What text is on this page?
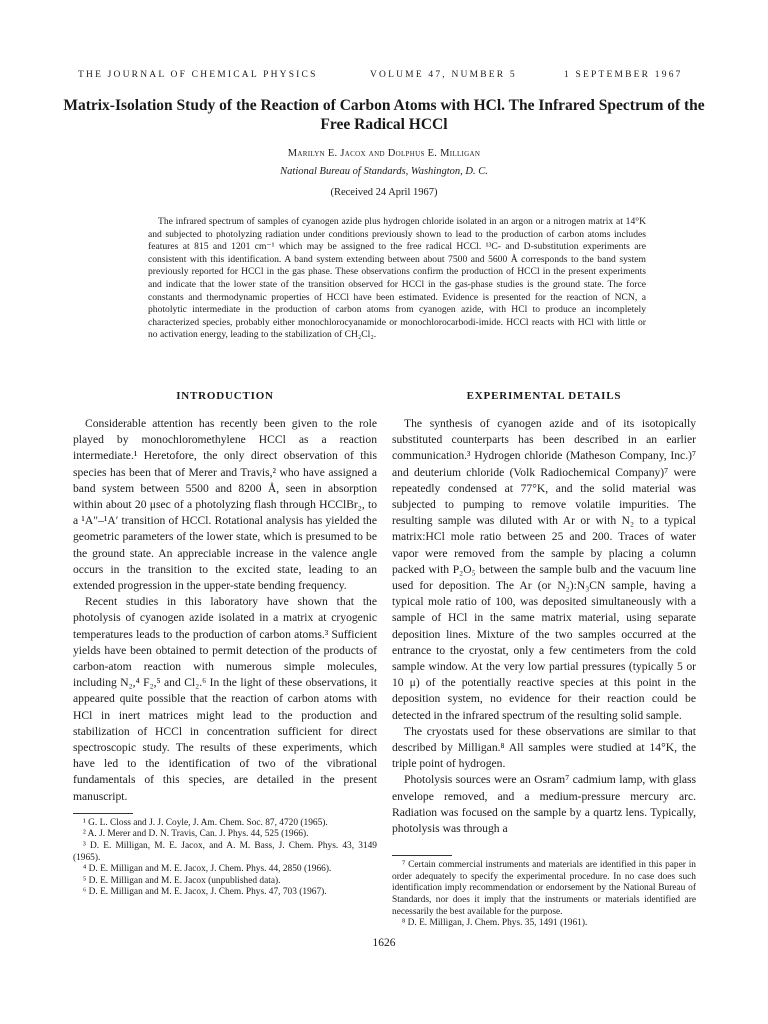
THE JOURNAL OF CHEMICAL PHYSICS	VOLUME 47, NUMBER 5	1 SEPTEMBER 1967
Matrix-Isolation Study of the Reaction of Carbon Atoms with HCl. The Infrared Spectrum of the Free Radical HCCl
Marilyn E. Jacox and Dolphus E. Milligan
National Bureau of Standards, Washington, D. C.
(Received 24 April 1967)
The infrared spectrum of samples of cyanogen azide plus hydrogen chloride isolated in an argon or a nitrogen matrix at 14°K and subjected to photolyzing radiation under conditions previously shown to lead to the production of carbon atoms includes features at 815 and 1201 cm⁻¹ which may be assigned to the free radical HCCl. ¹³C- and D-substitution experiments are consistent with this identification. A band system extending between about 7500 and 5600 Å corresponds to the band system previously reported for HCCl in the gas phase. These observations confirm the production of HCCl in the present experiments and indicate that the lower state of the transition observed for HCCl in the gas-phase studies is the ground state. The force constants and thermodynamic properties of HCCl have been estimated. Evidence is presented for the reaction of NCN, a photolytic intermediate in the production of carbon atoms from cyanogen azide, with HCl to produce an incompletely characterized species, probably either monochlorocyanamide or monochlorocarbodi-imide. HCCl reacts with HCl with little or no activation energy, leading to the stabilization of CH₂Cl₂.
INTRODUCTION

Considerable attention has recently been given to the role played by monochloromethylene HCCl as a reaction intermediate.¹ Heretofore, the only direct observation of this species has been that of Merer and Travis,² who have assigned a band system between 5500 and 8200 Å, seen in absorption within about 20 μsec of a photolyzing flash through HCClBr₂, to a ¹A″–¹A′ transition of HCCl. Rotational analysis has yielded the geometric parameters of the lower state, which is presumed to be the ground state. An appreciable increase in the valence angle occurs in the transition to the excited state, leading to an extended progression in the upper-state bending frequency.

Recent studies in this laboratory have shown that the photolysis of cyanogen azide isolated in a matrix at cryogenic temperatures leads to the production of carbon atoms.³ Sufficient yields have been obtained to permit detection of the products of carbon-atom reaction with numerous simple molecules, including N₂,⁴ F₂,⁵ and Cl₂.⁶ In the light of these observations, it appeared quite possible that the reaction of carbon atoms with HCl in inert matrices might lead to the production and stabilization of HCCl in concentration sufficient for direct spectroscopic study. The results of these experiments, which have led to the identification of two of the vibrational fundamentals of this species, are detailed in the present manuscript.

¹ G. L. Closs and J. J. Coyle, J. Am. Chem. Soc. 87, 4720 (1965).

² A. J. Merer and D. N. Travis, Can. J. Phys. 44, 525 (1966).

³ D. E. Milligan, M. E. Jacox, and A. M. Bass, J. Chem. Phys. 43, 3149 (1965).

⁴ D. E. Milligan and M. E. Jacox, J. Chem. Phys. 44, 2850 (1966).

⁵ D. E. Milligan and M. E. Jacox (unpublished data).

⁶ D. E. Milligan and M. E. Jacox, J. Chem. Phys. 47, 703 (1967).

EXPERIMENTAL DETAILS

The synthesis of cyanogen azide and of its isotopically substituted counterparts has been described in an earlier communication.³ Hydrogen chloride (Matheson Company, Inc.)⁷ and deuterium chloride (Volk Radiochemical Company)⁷ were repeatedly condensed at 77°K, and the solid material was subjected to pumping to remove volatile impurities. The resulting sample was diluted with Ar or with N₂ to a typical matrix:HCl mole ratio between 25 and 200. Traces of water vapor were removed from the sample by placing a column packed with P₂O₅ between the sample bulb and the vacuum line used for deposition. The Ar (or N₂):N₃CN sample, having a typical mole ratio of 100, was deposited simultaneously with a sample of HCl in the same matrix material, using separate deposition lines. Mixture of the two samples occurred at the entrance to the cryostat, only a few centimeters from the cold sample window. At the very low partial pressures (typically 5 or 10 μ) of the potentially reactive species at this point in the deposition system, no evidence for their reaction could be detected in the infrared spectrum of the resulting solid sample.

The cryostats used for these observations are similar to that described by Milligan.⁸ All samples were studied at 14°K, the triple point of hydrogen.

Photolysis sources were an Osram⁷ cadmium lamp, with glass envelope removed, and a medium-pressure mercury arc. Radiation was focused on the sample by a quartz lens. Typically, photolysis was through a

⁷ Certain commercial instruments and materials are identified in this paper in order adequately to specify the experimental procedure. In no case does such identification imply recommendation or endorsement by the National Bureau of Standards, nor does it imply that the instruments or materials identified are necessarily the best available for the purpose.

⁸ D. E. Milligan, J. Chem. Phys. 35, 1491 (1961).

1626
